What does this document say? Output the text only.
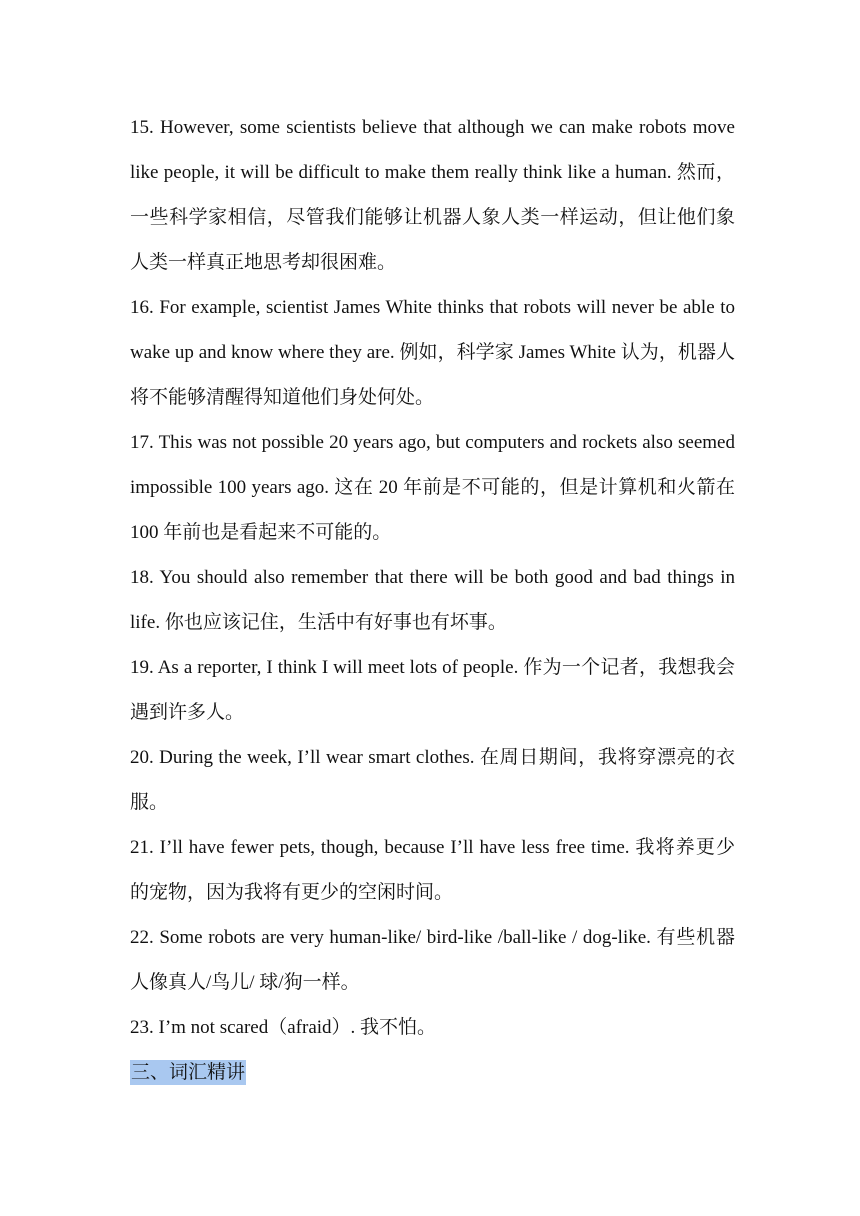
15. However, some scientists believe that although we can make robots move like people, it will be difficult to make them really think like a human. 然而，一些科学家相信，尽管我们能够让机器人象人类一样运动，但让他们象人类一样真正地思考却很困难。

16. For example, scientist James White thinks that robots will never be able to wake up and know where they are. 例如，科学家 James White 认为，机器人将不能够清醒得知道他们身处何处。

17. This was not possible 20 years ago, but computers and rockets also seemed impossible 100 years ago. 这在 20 年前是不可能的，但是计算机和火箭在 100 年前也是看起来不可能的。

18. You should also remember that there will be both good and bad things in life. 你也应该记住，生活中有好事也有坏事。

19. As a reporter, I think I will meet lots of people. 作为一个记者，我想我会遇到许多人。

20. During the week, I’ll wear smart clothes. 在周日期间，我将穿漂亮的衣服。

21. I’ll have fewer pets, though, because I’ll have less free time. 我将养更少的宠物，因为我将有更少的空闲时间。

22. Some robots are very human-like/ bird-like /ball-like / dog-like. 有些机器人像真人/鸟儿/ 球/狗一样。

23. I’m not scared（afraid）. 我不怕。

三、词汇精讲
